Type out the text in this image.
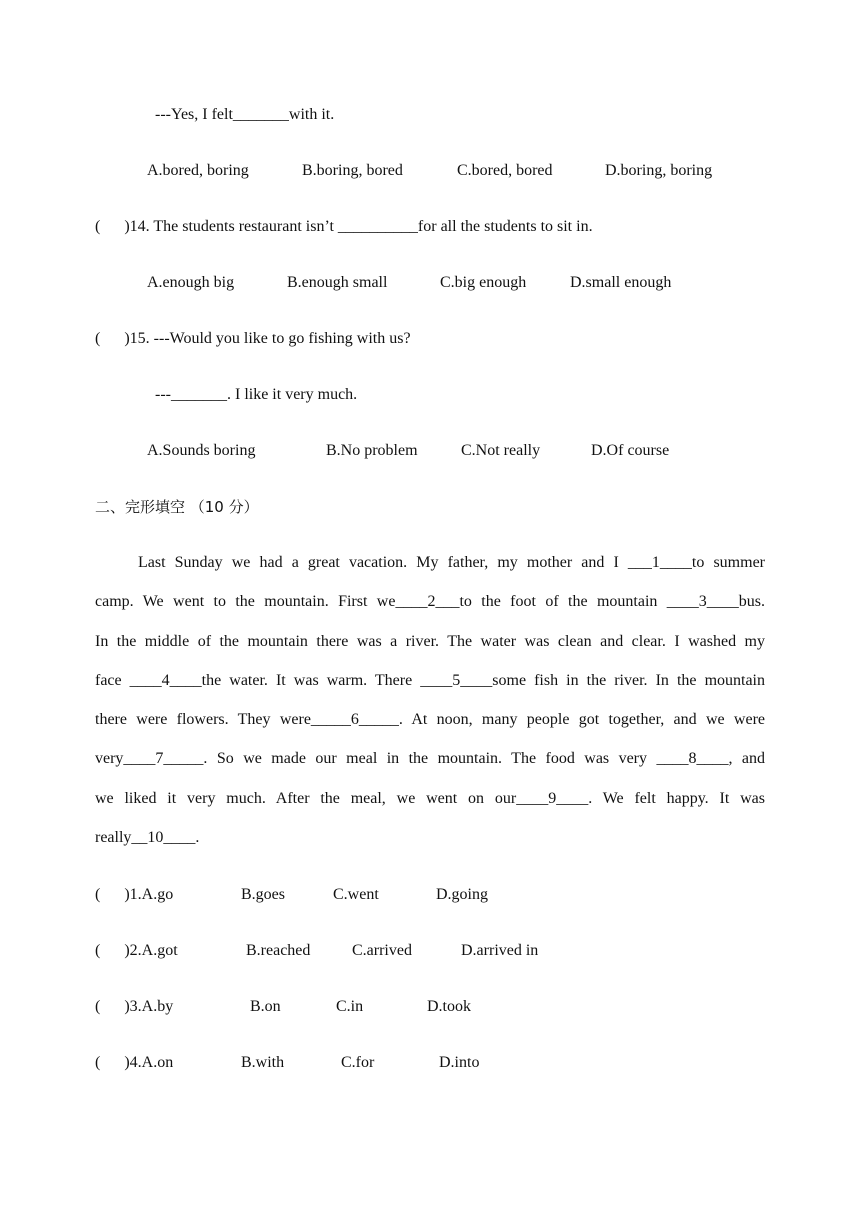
---Yes, I felt_______with it.
A.bored, boring	B.boring, bored	C.bored, bored	D.boring, boring
(      )14. The students restaurant isn’t __________for all the students to sit in.
A.enough big	B.enough small	C.big enough	D.small enough
(      )15. ---Would you like to go fishing with us?
---_______. I like it very much.
A.Sounds boring	B.No problem	C.Not really	D.Of course
二、完形填空 （10 分）
Last Sunday we had a great vacation. My father, my mother and I ___1____to summer
camp. We went to the mountain. First we____2___to the foot of the mountain ____3____bus.
In the middle of the mountain there was a river. The water was clean and clear. I washed my
face ____4____the water. It was warm. There ____5____some fish in the river. In the mountain
there were flowers. They were_____6_____. At noon, many people got together, and we were
very____7_____. So we made our meal in the mountain. The food was very ____8____, and
we liked it very much. After the meal, we went on our____9____. We felt happy. It was
really__10____.
(      )1.A.go	B.goes	C.went	D.going
(      )2.A.got	B.reached	C.arrived	D.arrived in
(      )3.A.by	B.on	C.in	D.took
(      )4.A.on	B.with	C.for	D.into
